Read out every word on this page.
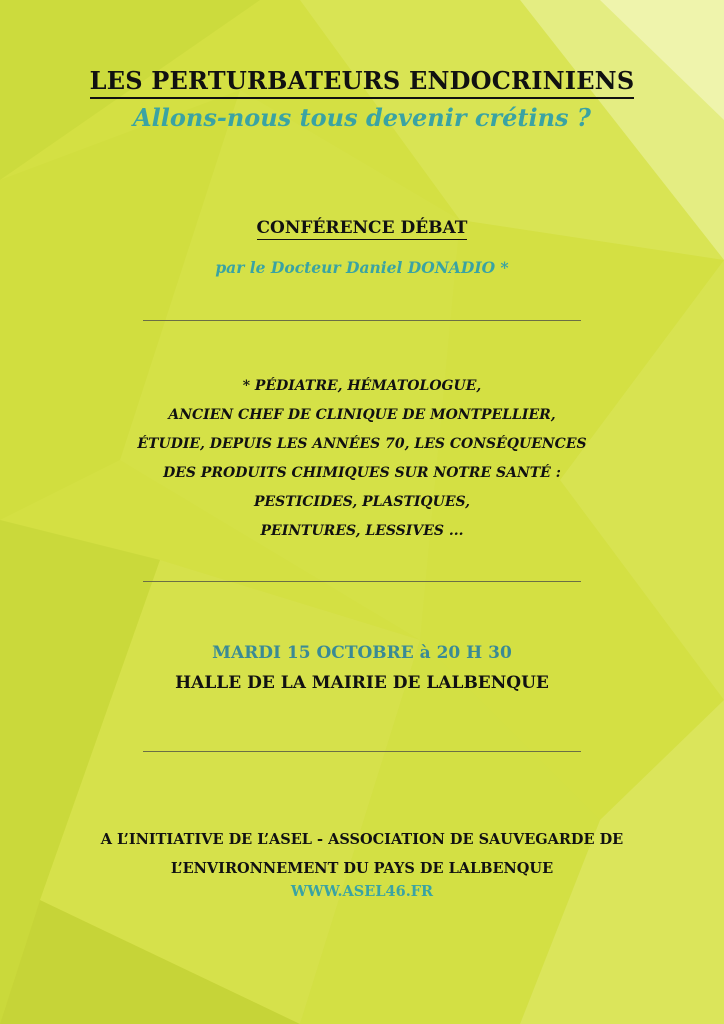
LES PERTURBATEURS ENDOCRINIENS
Allons-nous tous devenir crétins ?
CONFÉRENCE DÉBAT
par le Docteur Daniel DONADIO *
* PÉDIATRE, HÉMATOLOGUE,
ANCIEN CHEF DE CLINIQUE DE MONTPELLIER,
ÉTUDIE, DEPUIS LES ANNÉES 70, LES CONSÉQUENCES
DES PRODUITS CHIMIQUES SUR NOTRE SANTÉ :
PESTICIDES, PLASTIQUES,
PEINTURES, LESSIVES ...
MARDI 15 OCTOBRE à 20 H 30
HALLE DE LA MAIRIE DE LALBENQUE
A L’INITIATIVE DE L’ASEL - ASSOCIATION DE SAUVEGARDE DE
L’ENVIRONNEMENT DU PAYS DE LALBENQUE
WWW.ASEL46.FR
